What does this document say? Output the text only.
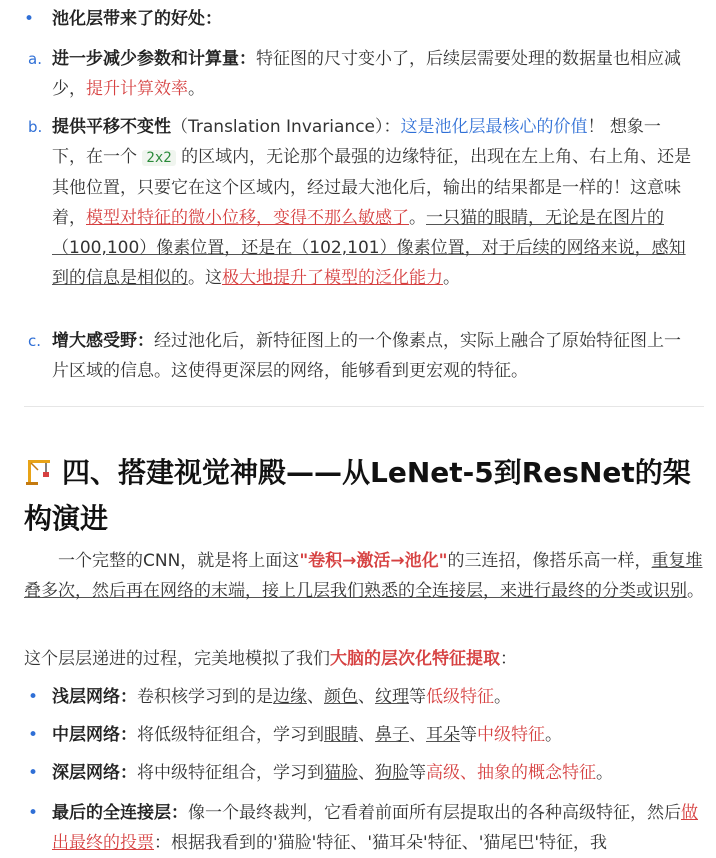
•	池化层带来了的好处：
a. 进一步减少参数和计算量：特征图的尺寸变小了，后续层需要处理的数据量也相应减少，提升计算效率。
b. 提供平移不变性（Translation Invariance）：这是池化层最核心的价值！ 想象一下，在一个 2x2 的区域内，无论那个最强的边缘特征，出现在左上角、右上角、还是其他位置，只要它在这个区域内，经过最大池化后，输出的结果都是一样的！这意味着，模型对特征的微小位移，变得不那么敏感了。一只猫的眼睛，无论是在图片的（100,100）像素位置，还是在（102,101）像素位置，对于后续的网络来说，感知到的信息是相似的。这极大地提升了模型的泛化能力。
c. 增大感受野：经过池化后，新特征图上的一个像素点，实际上融合了原始特征图上一片区域的信息。这使得更深层的网络，能够看到更宏观的特征。
四、搭建视觉神殿——从LeNet-5到ResNet的架构演进
一个完整的CNN，就是将上面这"卷积→激活→池化"的三连招，像搭乐高一样，重复堆叠多次，然后再在网络的末端，接上几层我们熟悉的全连接层，来进行最终的分类或识别。
这个层层递进的过程，完美地模拟了我们大脑的层次化特征提取：
• 浅层网络：卷积核学习到的是边缘、颜色、纹理等低级特征。
• 中层网络：将低级特征组合，学习到眼睛、鼻子、耳朵等中级特征。
• 深层网络：将中级特征组合，学习到猫脸、狗脸等高级、抽象的概念特征。
• 最后的全连接层：像一个最终裁判，它看着前面所有层提取出的各种高级特征，然后做出最终的投票：根据我看到的'猫脸'特征、'猫耳朵'特征、'猫尾巴'特征，我
